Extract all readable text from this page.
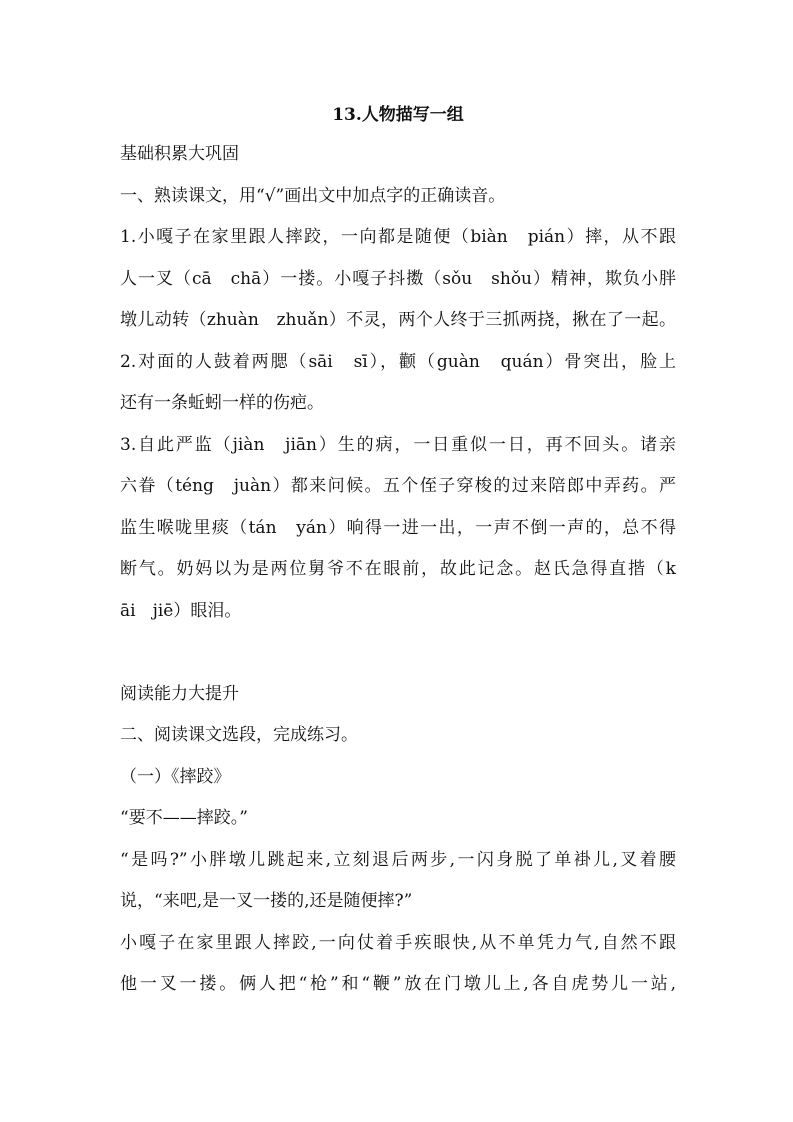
13.人物描写一组

基础积累大巩固

一、熟读课文，用“√”画出文中加点字的正确读音。

1.小嘎子在家里跟人摔跤，一向都是随便（biàn　pián）摔，从不跟

人一叉（cā　chā）一搂。小嘎子抖擞（sǒu　shǒu）精神，欺负小胖

墩儿动转（zhuàn　zhuǎn）不灵，两个人终于三抓两挠，揪在了一起。

2.对面的人鼓着两腮（sāi　sī），颧（guàn　quán）骨突出，脸上

还有一条蚯蚓一样的伤疤。

3.自此严监（jiàn　jiān）生的病，一日重似一日，再不回头。诸亲

六眷（téng　juàn）都来问候。五个侄子穿梭的过来陪郎中弄药。严

监生喉咙里痰（tán　yán）响得一进一出，一声不倒一声的，总不得

断气。奶妈以为是两位舅爷不在眼前，故此记念。赵氏急得直揩（k

āi　jiē）眼泪。

阅读能力大提升

二、阅读课文选段，完成练习。

（一）《摔跤》

“要不——摔跤。”

“是吗?”小胖墩儿跳起来,立刻退后两步,一闪身脱了单褂儿,叉着腰

说，“来吧,是一叉一搂的,还是随便摔?”

小嘎子在家里跟人摔跤,一向仗着手疾眼快,从不单凭力气,自然不跟

他一叉一搂。俩人把“枪”和“鞭”放在门墩儿上,各自虎势儿一站,
